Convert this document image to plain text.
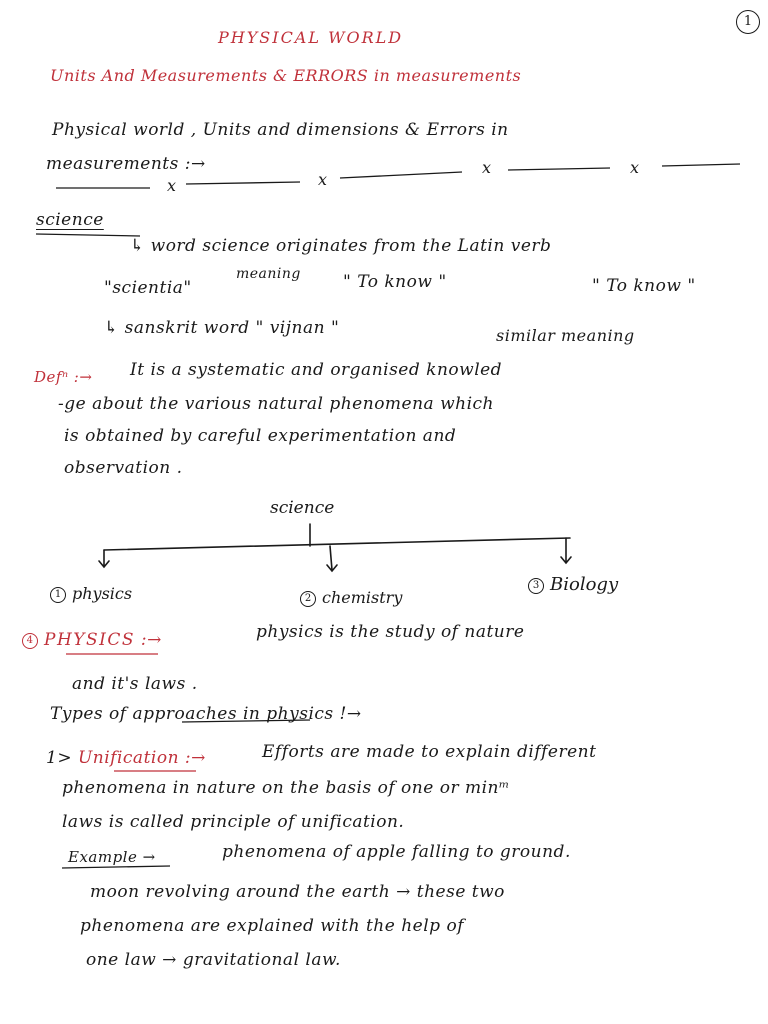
1
PHYSICAL WORLD
Units And Measurements & ERRORS in measurements
Physical world , Units and dimensions & Errors in
measurements :→
x	x
x	x
science
↳ word science originates from the Latin verb
"scientia"
meaning " To know "	" To know "
↳ sanskrit word " vijnan "	similar meaning
Defⁿ :→ It is a systematic and organised knowled
-ge about the various natural phenomena which
is obtained by careful experimentation and
observation .
science
1 physics	2 chemistry
3 Biology
4 PHYSICS :→	physics is the study of nature
and it's laws .
Types of approaches in physics !→
1> Unification :→	Efforts are made to explain different
phenomena in nature on the basis of one or minᵐ
laws is called principle of unification.
Example →	phenomena of apple falling to ground.
moon revolving around the earth → these two
phenomena are explained with the help of
one law → gravitational law.
